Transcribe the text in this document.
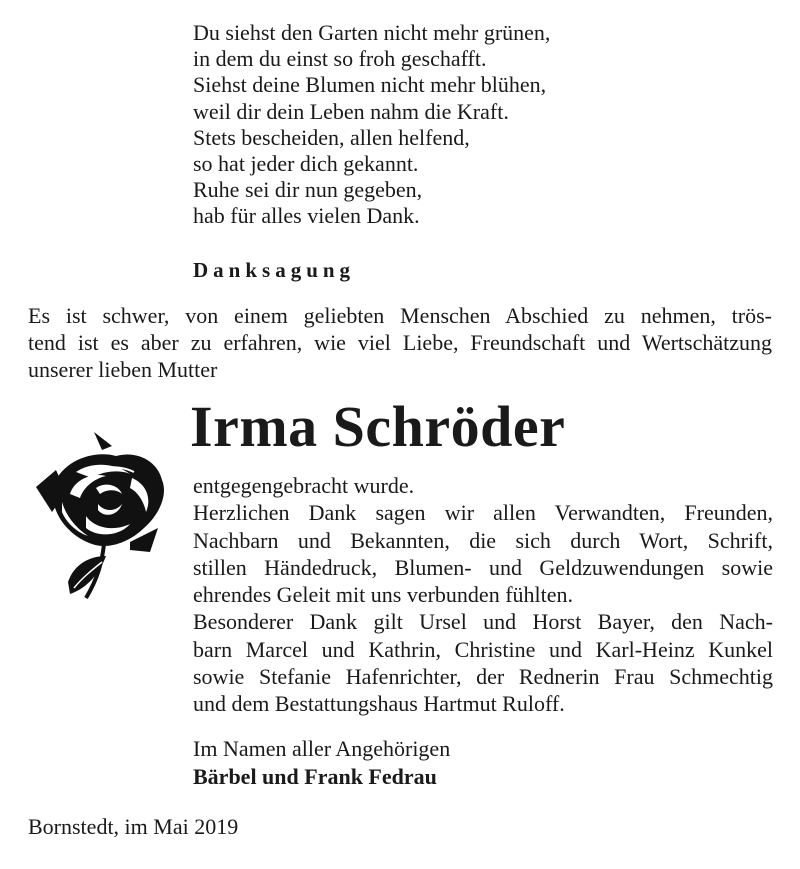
Du siehst den Garten nicht mehr grünen,
in dem du einst so froh geschafft.
Siehst deine Blumen nicht mehr blühen,
weil dir dein Leben nahm die Kraft.
Stets bescheiden, allen helfend,
so hat jeder dich gekannt.
Ruhe sei dir nun gegeben,
hab für alles vielen Dank.
Danksagung
Es ist schwer, von einem geliebten Menschen Abschied zu nehmen, trös-
tend ist es aber zu erfahren, wie viel Liebe, Freundschaft und Wertschätzung
unserer lieben Mutter
Irma Schröder
entgegengebracht wurde.
Herzlichen Dank sagen wir allen Verwandten, Freunden,
Nachbarn und Bekannten, die sich durch Wort, Schrift,
stillen Händedruck, Blumen- und Geldzuwendungen sowie
ehrendes Geleit mit uns verbunden fühlten.
Besonderer Dank gilt Ursel und Horst Bayer, den Nach-
barn Marcel und Kathrin, Christine und Karl-Heinz Kunkel
sowie Stefanie Hafenrichter, der Rednerin Frau Schmechtig
und dem Bestattungshaus Hartmut Ruloff.
Im Namen aller Angehörigen
Bärbel und Frank Fedrau
Bornstedt, im Mai 2019
